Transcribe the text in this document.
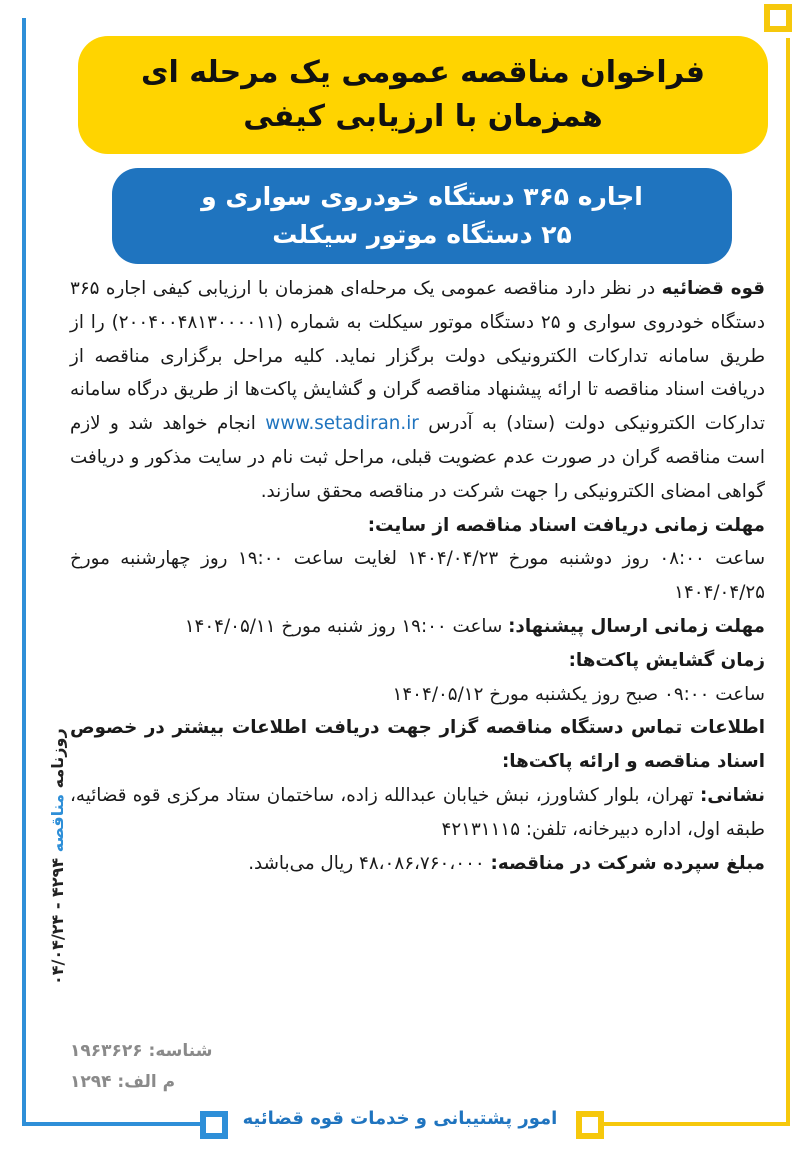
فراخوان مناقصه عمومی یک مرحله ای
همزمان با ارزیابی کیفی
اجاره ۳۶۵ دستگاه خودروی سواری و
۲۵ دستگاه موتور سیکلت

قوه قضائیه در نظر دارد مناقصه عمومی یک مرحله‌ای همزمان با ارزیابی کیفی اجاره ۳۶۵ دستگاه خودروی سواری و ۲۵ دستگاه موتور سیکلت به شماره (۲۰۰۴۰۰۴۸۱۳۰۰۰۰۱۱) را از طریق سامانه تدارکات الکترونیکی دولت برگزار نماید. کلیه مراحل برگزاری مناقصه از دریافت اسناد مناقصه تا ارائه پیشنهاد مناقصه گران و گشایش پاکت‌ها از طریق درگاه سامانه تدارکات الکترونیکی دولت (ستاد) به آدرس www.setadiran.ir انجام خواهد شد و لازم است مناقصه گران در صورت عدم عضویت قبلی، مراحل ثبت نام در سایت مذکور و دریافت گواهی امضای الکترونیکی را جهت شرکت در مناقصه محقق سازند.

مهلت زمانی دریافت اسناد مناقصه از سایت:

ساعت ۰۸:۰۰ روز دوشنبه مورخ ۱۴۰۴/۰۴/۲۳ لغایت ساعت ۱۹:۰۰ روز چهارشنبه مورخ ۱۴۰۴/۰۴/۲۵

مهلت زمانی ارسال پیشنهاد: ساعت ۱۹:۰۰ روز شنبه مورخ ۱۴۰۴/۰۵/۱۱

زمان گشایش پاکت‌ها:

ساعت ۰۹:۰۰ صبح روز یکشنبه مورخ ۱۴۰۴/۰۵/۱۲

اطلاعات تماس دستگاه مناقصه گزار جهت دریافت اطلاعات بیشتر در خصوص اسناد مناقصه و ارائه پاکت‌ها:

نشانی: تهران، بلوار کشاورز، نبش خیابان عبدالله زاده، ساختمان ستاد مرکزی قوه قضائیه، طبقه اول، اداره دبیرخانه، تلفن: ۴۲۱۳۱۱۱۵

مبلغ سپرده شرکت در مناقصه: ۴۸،۰۸۶،۷۶۰،۰۰۰ ریال می‌باشد.

شناسه: ۱۹۶۳۶۲۶
م الف: ۱۲۹۴
روزنامه مناقصه ۴۲۹۴ - ۰۴/۰۴/۲۴
امور پشتیبانی و خدمات قوه قضائیه
